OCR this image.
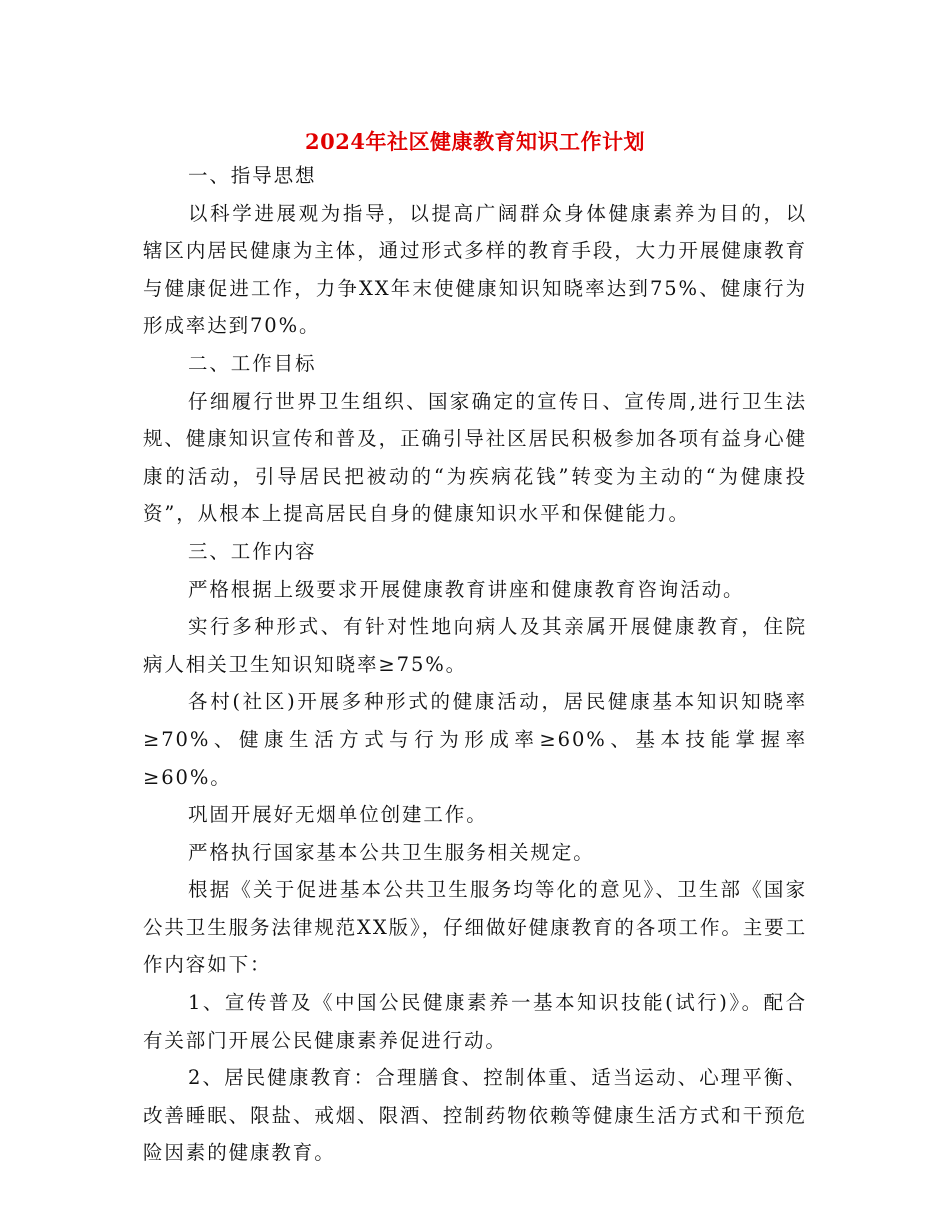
2024年社区健康教育知识工作计划

一、指导思想

以科学进展观为指导，以提高广阔群众身体健康素养为目的，以辖区内居民健康为主体，通过形式多样的教育手段，大力开展健康教育与健康促进工作，力争XX年末使健康知识知晓率达到75%、健康行为形成率达到70%。

二、工作目标

仔细履行世界卫生组织、国家确定的宣传日、宣传周,进行卫生法规、健康知识宣传和普及，正确引导社区居民积极参加各项有益身心健康的活动，引导居民把被动的“为疾病花钱”转变为主动的“为健康投资”，从根本上提高居民自身的健康知识水平和保健能力。

三、工作内容

严格根据上级要求开展健康教育讲座和健康教育咨询活动。

实行多种形式、有针对性地向病人及其亲属开展健康教育，住院病人相关卫生知识知晓率≥75%。

各村(社区)开展多种形式的健康活动，居民健康基本知识知晓率≥70%、健康生活方式与行为形成率≥60%、基本技能掌握率≥60%。

巩固开展好无烟单位创建工作。

严格执行国家基本公共卫生服务相关规定。

根据《关于促进基本公共卫生服务均等化的意见》、卫生部《国家公共卫生服务法律规范XX版》，仔细做好健康教育的各项工作。主要工作内容如下：

1、宣传普及《中国公民健康素养一基本知识技能(试行)》。配合有关部门开展公民健康素养促进行动。

2、居民健康教育：合理膳食、控制体重、适当运动、心理平衡、改善睡眠、限盐、戒烟、限酒、控制药物依赖等健康生活方式和干预危险因素的健康教育。
